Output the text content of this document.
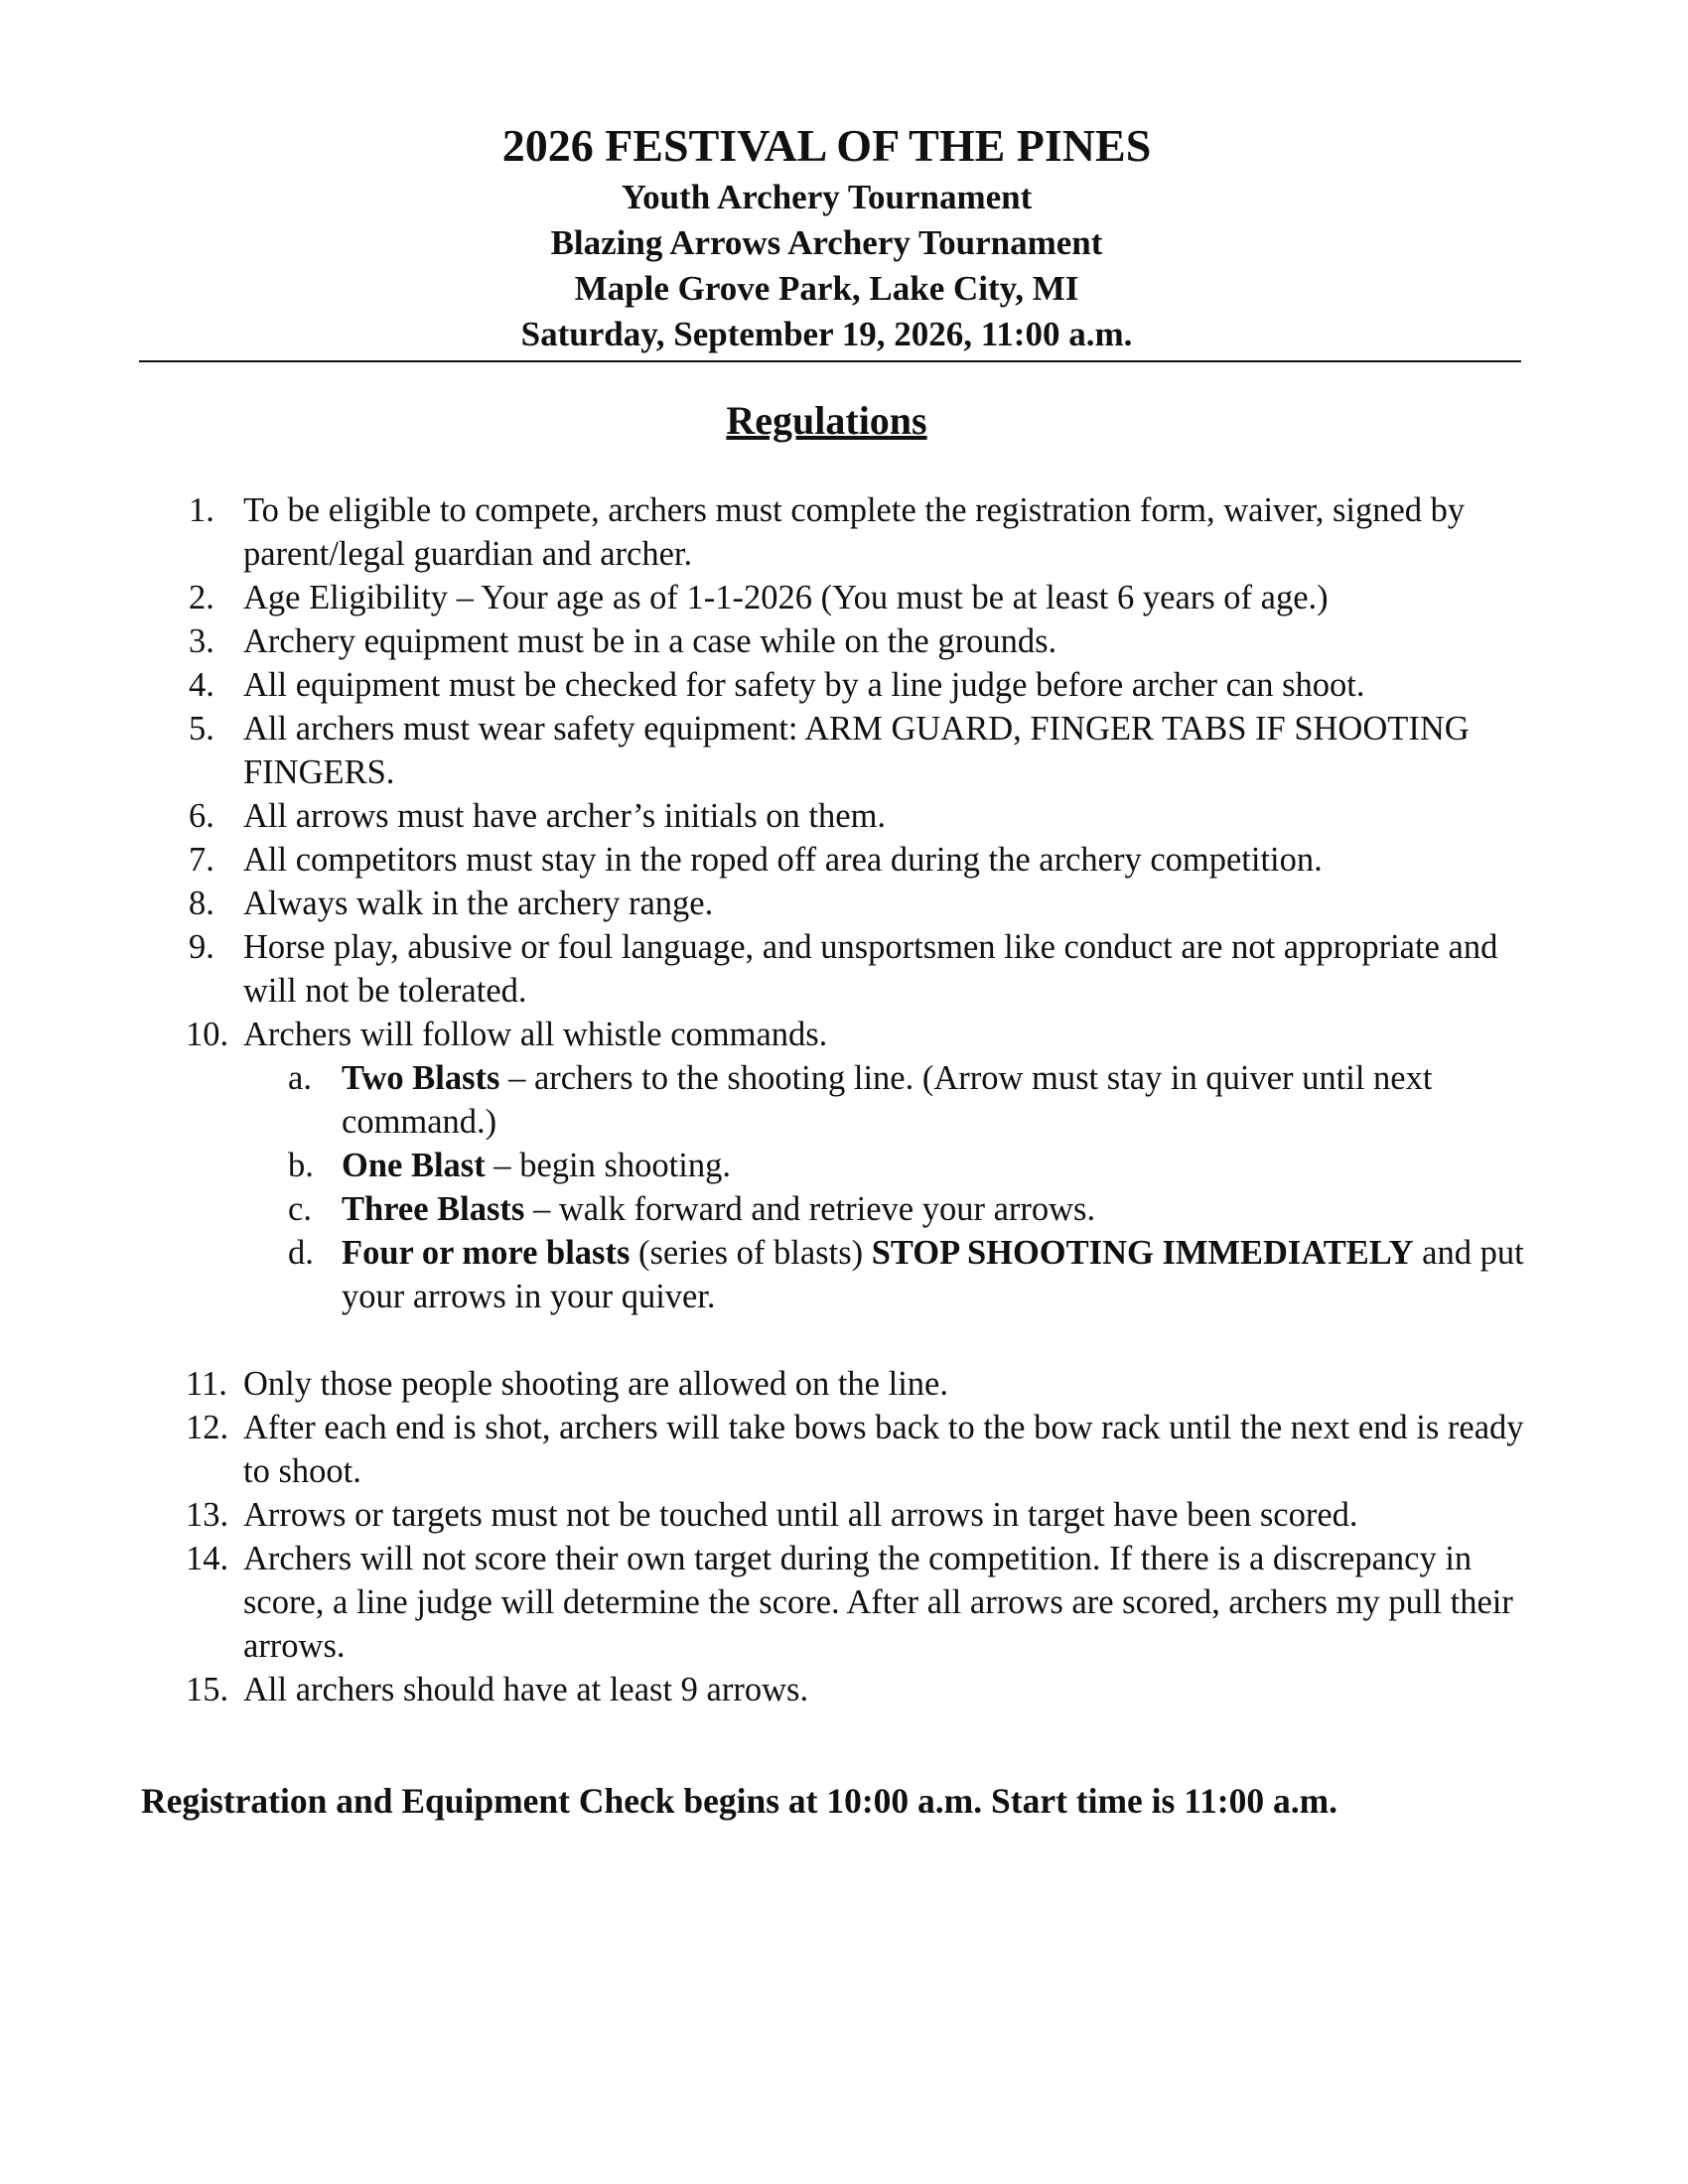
2026 FESTIVAL OF THE PINES

Youth Archery Tournament

Blazing Arrows Archery Tournament

Maple Grove Park, Lake City, MI

Saturday, September 19, 2026, 11:00 a.m.

Regulations

1. To be eligible to compete, archers must complete the registration form, waiver, signed by parent/legal guardian and archer.
2. Age Eligibility – Your age as of 1-1-2026 (You must be at least 6 years of age.)
3. Archery equipment must be in a case while on the grounds.
4. All equipment must be checked for safety by a line judge before archer can shoot.
5. All archers must wear safety equipment: ARM GUARD, FINGER TABS IF SHOOTING FINGERS.
6. All arrows must have archer’s initials on them.
7. All competitors must stay in the roped off area during the archery competition.
8. Always walk in the archery range.
9. Horse play, abusive or foul language, and unsportsmen like conduct are not appropriate and will not be tolerated.
10. Archers will follow all whistle commands.
a. Two Blasts – archers to the shooting line. (Arrow must stay in quiver until next command.)
b. One Blast – begin shooting.
c. Three Blasts – walk forward and retrieve your arrows.
d. Four or more blasts (series of blasts) STOP SHOOTING IMMEDIATELY and put your arrows in your quiver.
11. Only those people shooting are allowed on the line.
12. After each end is shot, archers will take bows back to the bow rack until the next end is ready to shoot.
13. Arrows or targets must not be touched until all arrows in target have been scored.
14. Archers will not score their own target during the competition. If there is a discrepancy in score, a line judge will determine the score. After all arrows are scored, archers my pull their arrows.
15. All archers should have at least 9 arrows.

Registration and Equipment Check begins at 10:00 a.m. Start time is 11:00 a.m.
